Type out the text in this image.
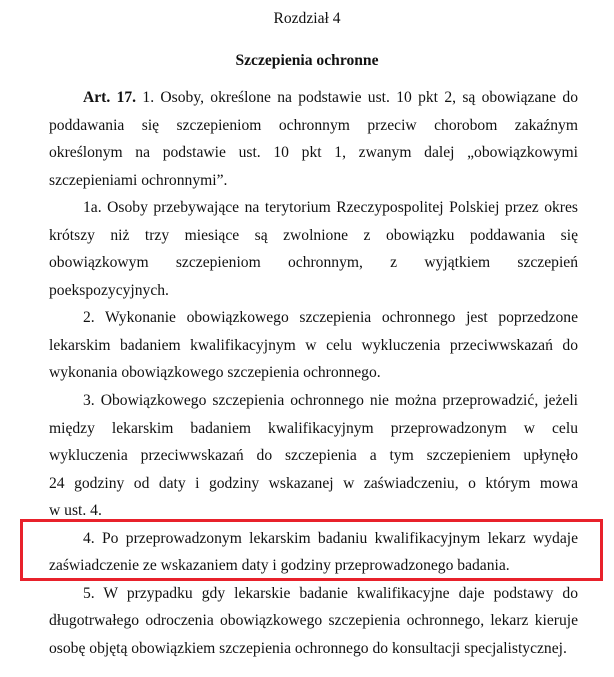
Rozdział 4
Szczepienia ochronne
Art. 17. 1. Osoby, określone na podstawie ust. 10 pkt 2, są obowiązane do
poddawania się szczepieniom ochronnym przeciw chorobom zakaźnym
określonym na podstawie ust. 10 pkt 1, zwanym dalej „obowiązkowymi
szczepieniami ochronnymi”.
1a. Osoby przebywające na terytorium Rzeczypospolitej Polskiej przez okres
krótszy niż trzy miesiące są zwolnione z obowiązku poddawania się
obowiązkowym szczepieniom ochronnym, z wyjątkiem szczepień
poekspozycyjnych.
2. Wykonanie obowiązkowego szczepienia ochronnego jest poprzedzone
lekarskim badaniem kwalifikacyjnym w celu wykluczenia przeciwwskazań do
wykonania obowiązkowego szczepienia ochronnego.
3. Obowiązkowego szczepienia ochronnego nie można przeprowadzić, jeżeli
między lekarskim badaniem kwalifikacyjnym przeprowadzonym w celu
wykluczenia przeciwwskazań do szczepienia a tym szczepieniem upłynęło
24 godziny od daty i godziny wskazanej w zaświadczeniu, o którym mowa
w ust. 4.
4. Po przeprowadzonym lekarskim badaniu kwalifikacyjnym lekarz wydaje
zaświadczenie ze wskazaniem daty i godziny przeprowadzonego badania.
5. W przypadku gdy lekarskie badanie kwalifikacyjne daje podstawy do
długotrwałego odroczenia obowiązkowego szczepienia ochronnego, lekarz kieruje
osobę objętą obowiązkiem szczepienia ochronnego do konsultacji specjalistycznej.
